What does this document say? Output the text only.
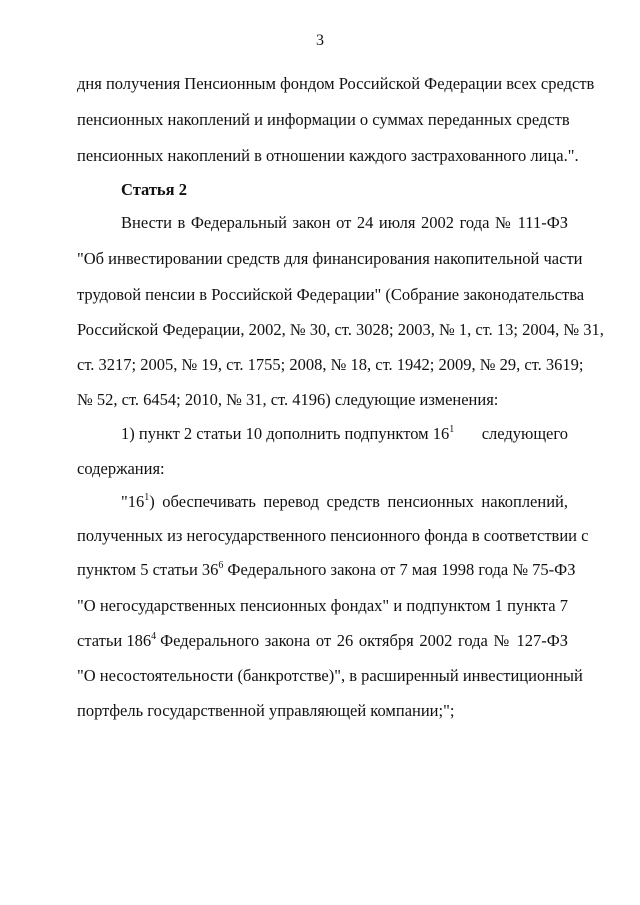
3
дня получения Пенсионным фондом Российской Федерации всех средств
пенсионных накоплений и информации о суммах переданных средств
пенсионных накоплений в отношении каждого застрахованного лица.".
Статья 2
Внести в Федеральный закон от 24 июля 2002 года № 111-ФЗ
"Об инвестировании средств для финансирования накопительной части
трудовой пенсии в Российской Федерации" (Собрание законодательства
Российской Федерации, 2002, № 30, ст. 3028; 2003, № 1, ст. 13; 2004, № 31,
ст. 3217; 2005, № 19, ст. 1755; 2008, № 18, ст. 1942; 2009, № 29, ст. 3619;
№ 52, ст. 6454; 2010, № 31, ст. 4196) следующие изменения:
1) пункт 2 статьи 10 дополнить подпунктом $16^1$ следующего
содержания:
"$16^1$ ) обеспечивать перевод средств пенсионных накоплений,
полученных из негосударственного пенсионного фонда в соответствии с
пунктом 5 статьи $36^6$ Федерального закона от 7 мая 1998 года № 75-ФЗ
"О негосударственных пенсионных фондах" и подпунктом 1 пункта 7
статьи $186^4$ Федерального закона от 26 октября 2002 года № 127-ФЗ
"О несостоятельности (банкротстве)", в расширенный инвестиционный
портфель государственной управляющей компании;";
